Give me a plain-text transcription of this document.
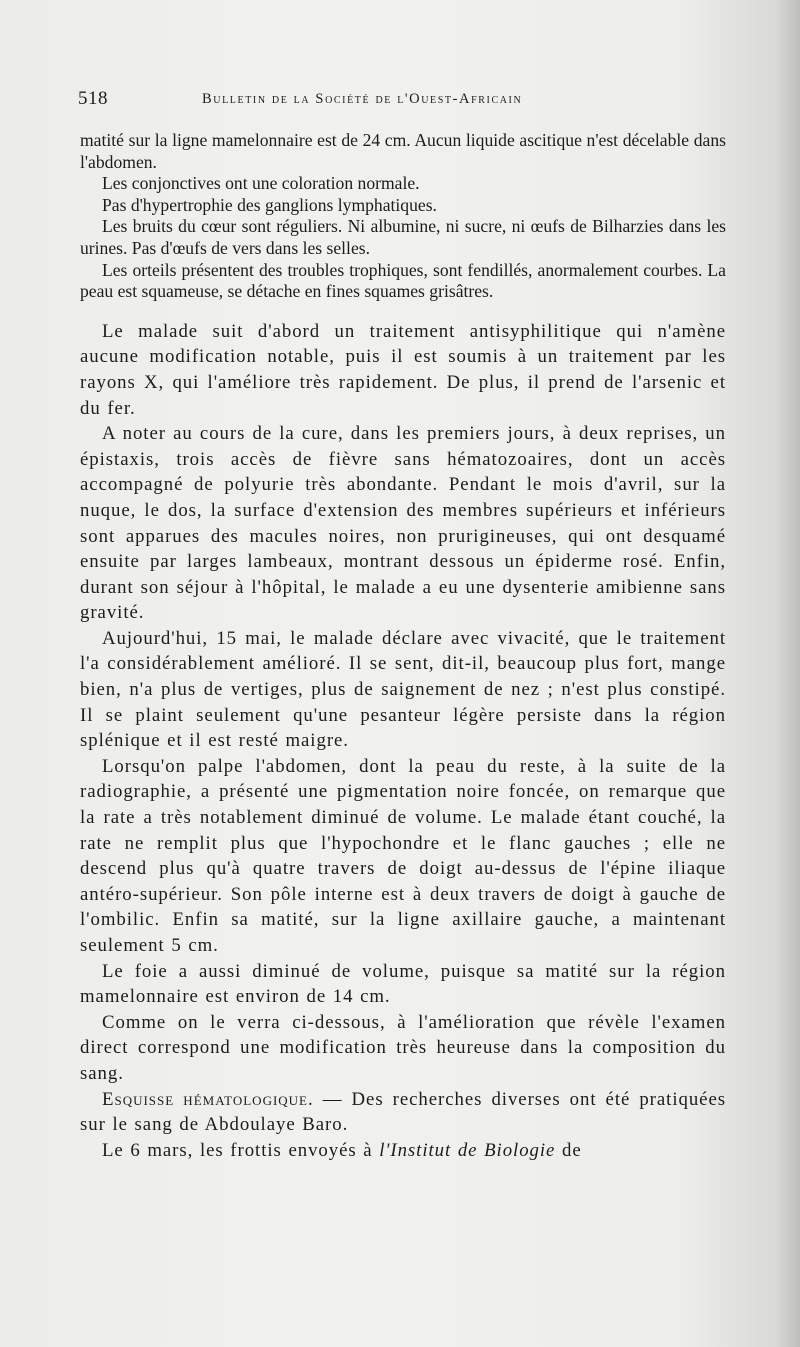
518	Bulletin de la Société de l'Ouest-Africain

matité sur la ligne mamelonnaire est de 24 cm. Aucun liquide ascitique n'est décelable dans l'abdomen.

Les conjonctives ont une coloration normale.

Pas d'hypertrophie des ganglions lymphatiques.

Les bruits du cœur sont réguliers. Ni albumine, ni sucre, ni œufs de Bilharzies dans les urines. Pas d'œufs de vers dans les selles.

Les orteils présentent des troubles trophiques, sont fendillés, anormalement courbes. La peau est squameuse, se détache en fines squames grisâtres.

Le malade suit d'abord un traitement antisyphilitique qui n'amène aucune modification notable, puis il est soumis à un traitement par les rayons X, qui l'améliore très rapidement. De plus, il prend de l'arsenic et du fer.

A noter au cours de la cure, dans les premiers jours, à deux reprises, un épistaxis, trois accès de fièvre sans hématozoaires, dont un accès accompagné de polyurie très abondante. Pendant le mois d'avril, sur la nuque, le dos, la surface d'extension des membres supérieurs et inférieurs sont apparues des macules noires, non prurigineuses, qui ont desquamé ensuite par larges lambeaux, montrant dessous un épiderme rosé. Enfin, durant son séjour à l'hôpital, le malade a eu une dysenterie amibienne sans gravité.

Aujourd'hui, 15 mai, le malade déclare avec vivacité, que le traitement l'a considérablement amélioré. Il se sent, dit-il, beaucoup plus fort, mange bien, n'a plus de vertiges, plus de saignement de nez ; n'est plus constipé. Il se plaint seulement qu'une pesanteur légère persiste dans la région splénique et il est resté maigre.

Lorsqu'on palpe l'abdomen, dont la peau du reste, à la suite de la radiographie, a présenté une pigmentation noire foncée, on remarque que la rate a très notablement diminué de volume. Le malade étant couché, la rate ne remplit plus que l'hypochondre et le flanc gauches ; elle ne descend plus qu'à quatre travers de doigt au-dessus de l'épine iliaque antéro-supérieur. Son pôle interne est à deux travers de doigt à gauche de l'ombilic. Enfin sa matité, sur la ligne axillaire gauche, a maintenant seulement 5 cm.

Le foie a aussi diminué de volume, puisque sa matité sur la région mamelonnaire est environ de 14 cm.

Comme on le verra ci-dessous, à l'amélioration que révèle l'examen direct correspond une modification très heureuse dans la composition du sang.

Esquisse hématologique. — Des recherches diverses ont été pratiquées sur le sang de Abdoulaye Baro.

Le 6 mars, les frottis envoyés à l'Institut de Biologie de
